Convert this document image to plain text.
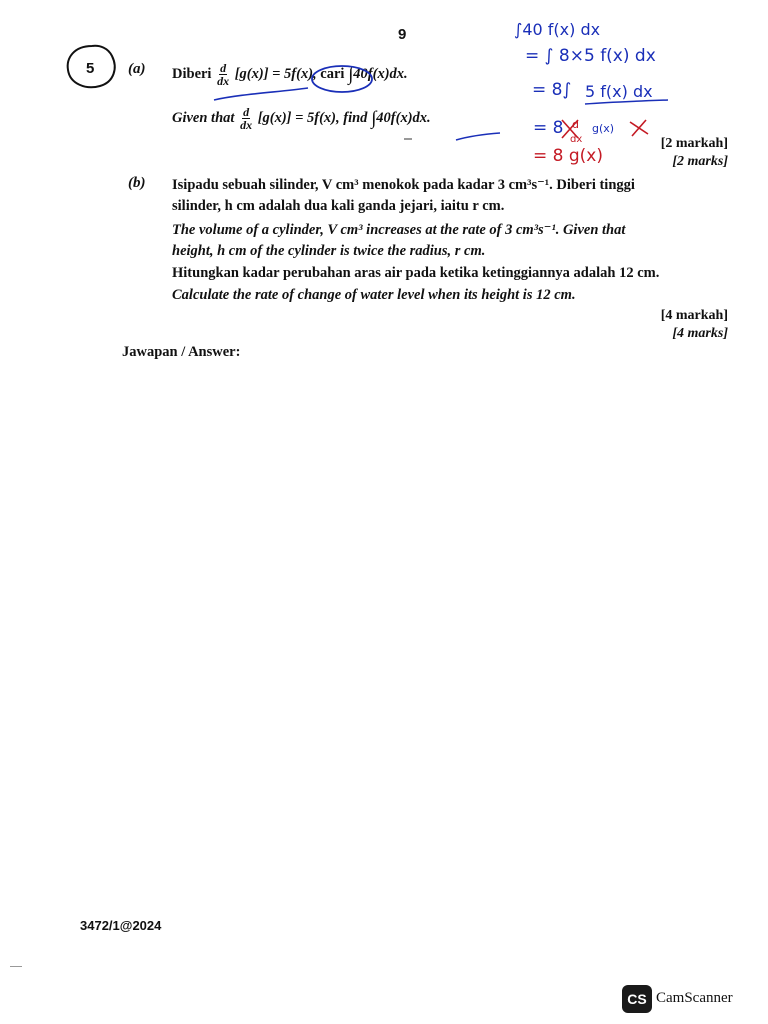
9
5 (a) Diberi $\frac{d}{dx} [g(x)] = 5f(x)$, cari ∫40f(x)dx.
Given that $\frac{d}{dx} [g(x)] = 5f(x)$, find ∫40f(x)dx.
[2 markah]
[2 marks]
(b) Isipadu sebuah silinder, V cm³ menokok pada kadar 3 cm³s⁻¹. Diberi tinggi
silinder, h cm adalah dua kali ganda jejari, iaitu r cm.
The volume of a cylinder, V cm³ increases at the rate of 3 cm³s⁻¹. Given that
height, h cm of the cylinder is twice the radius, r cm.
Hitungkan kadar perubahan aras air pada ketika ketinggiannya adalah 12 cm.
Calculate the rate of change of water level when its height is 12 cm.
[4 markah]
[4 marks]
Jawapan / Answer:
∫40 f(x) dx
= ∫ 8×5 f(x) dx
= 8∫ 5 f(x) dx
= 8	g(x)
= 8 g(x)
d
dx
3472/1@2024
CS CamScanner
